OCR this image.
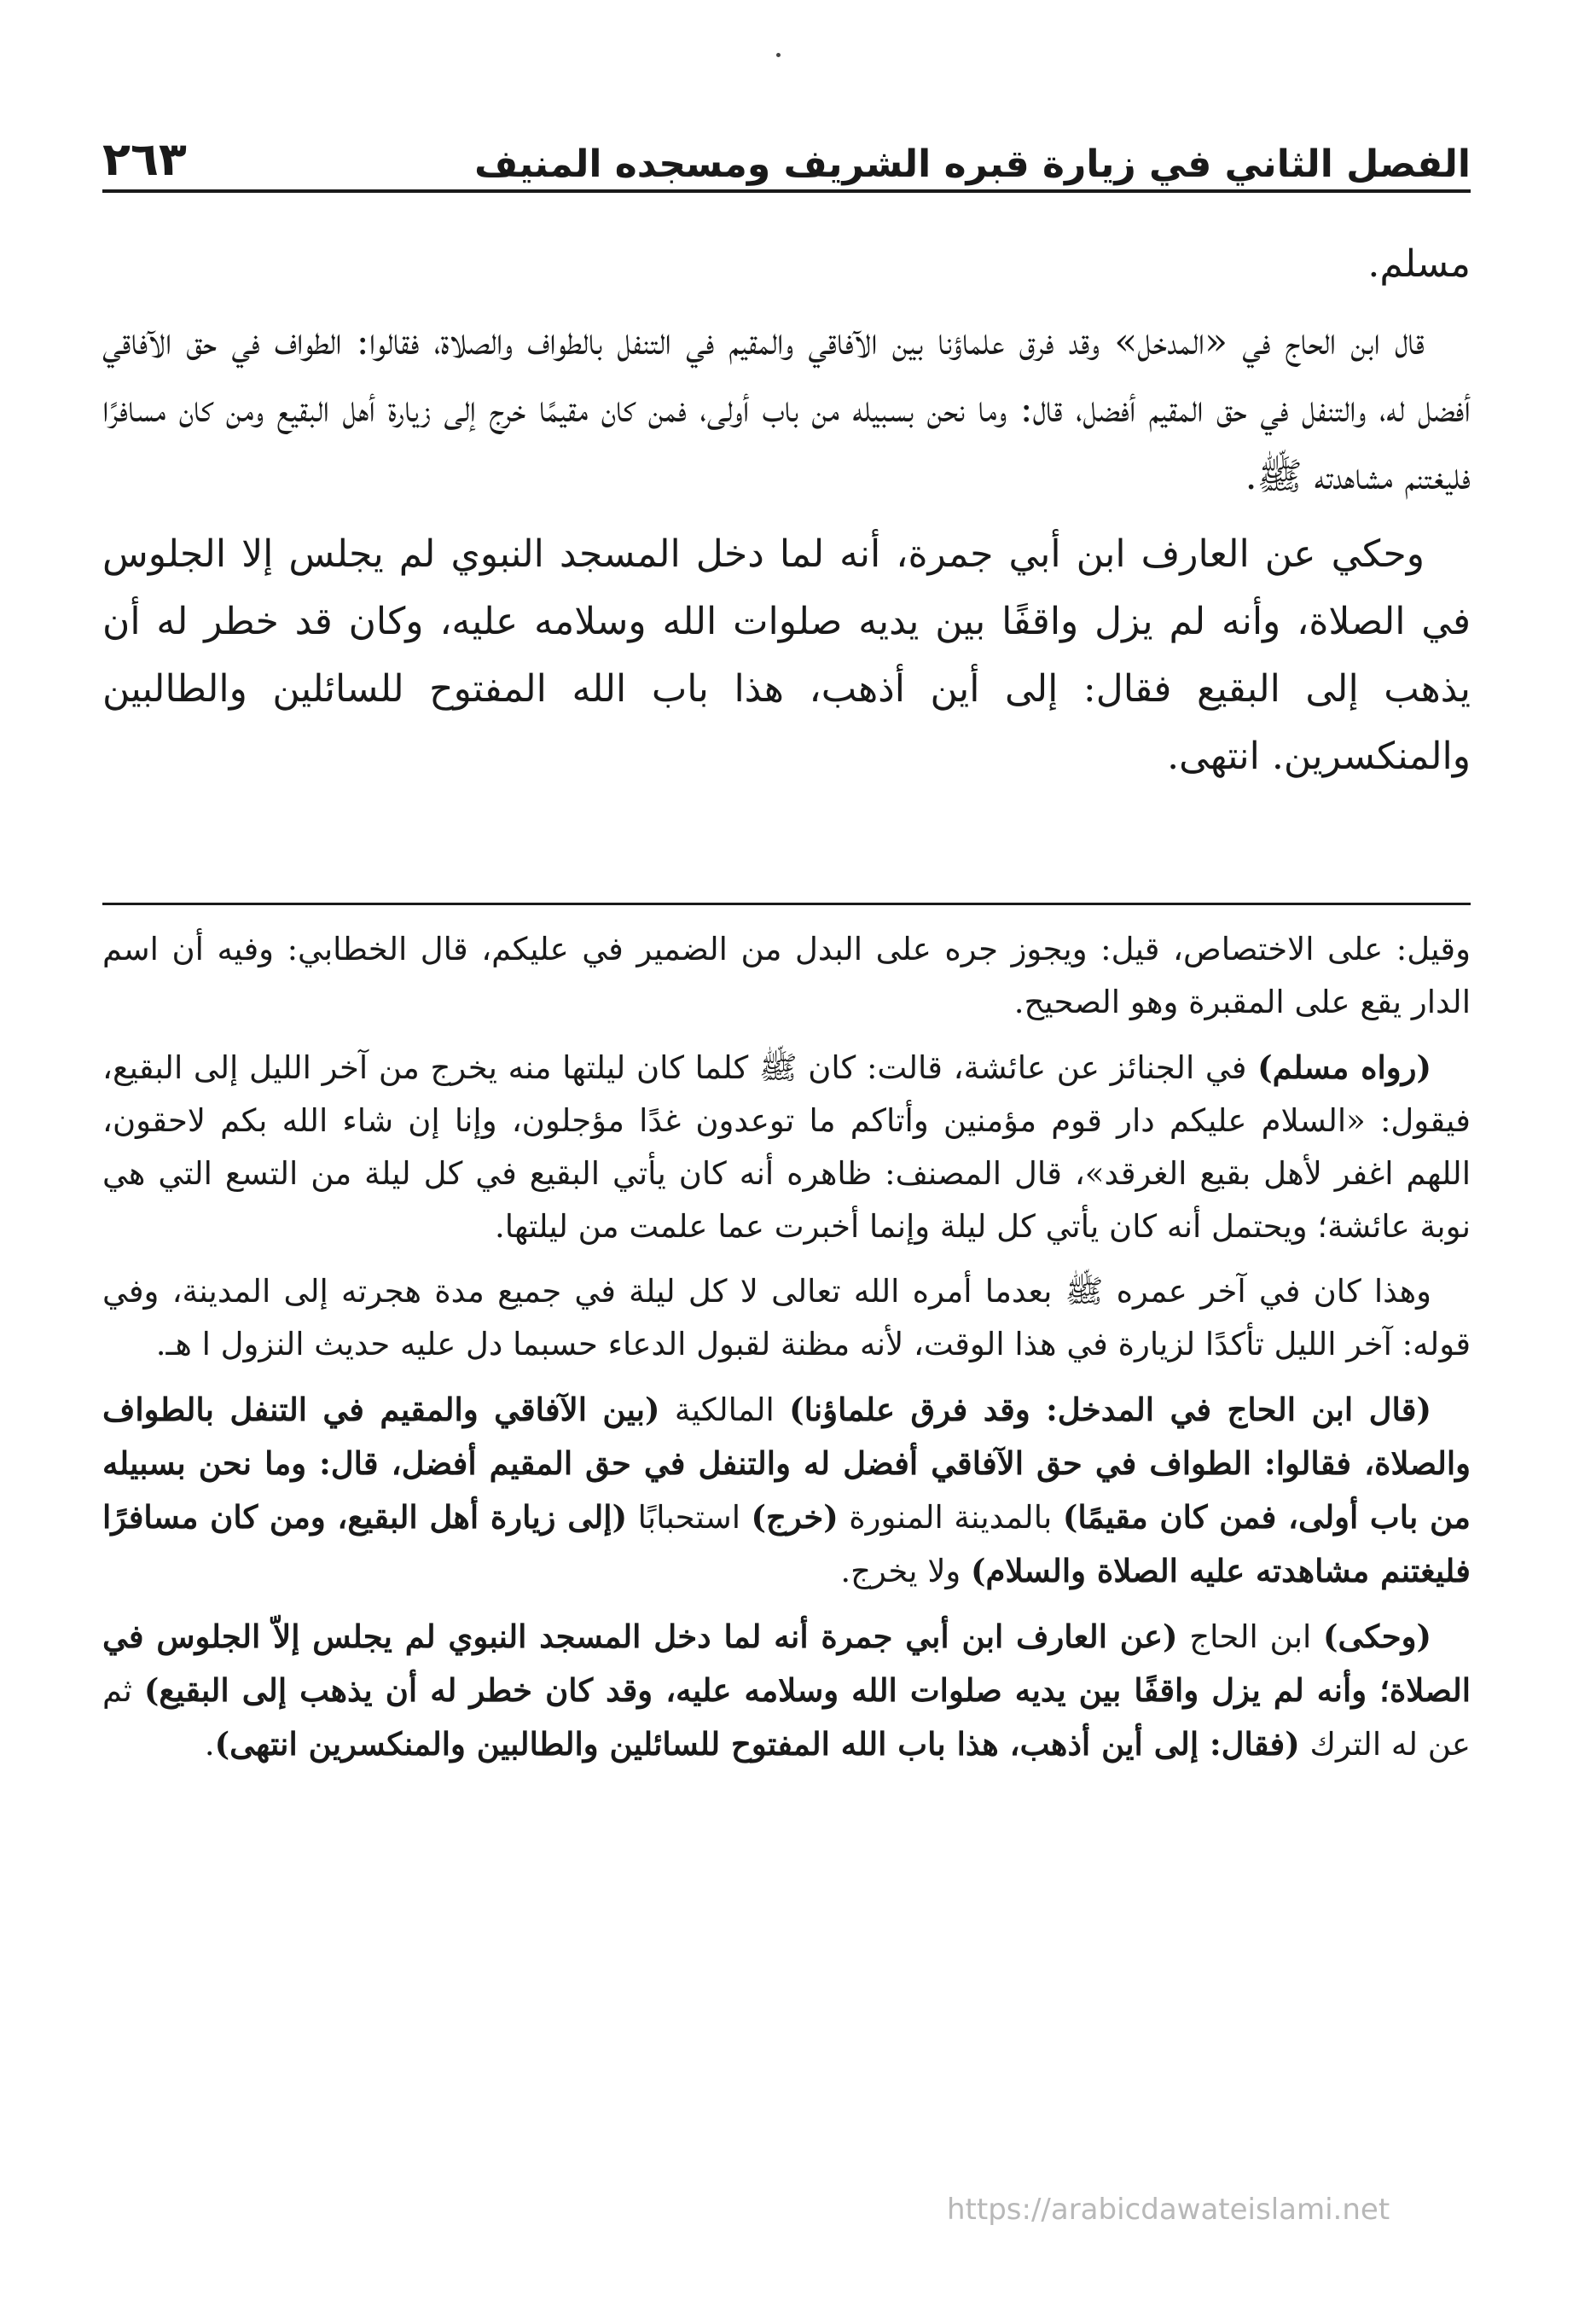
الفصل الثاني في زيارة قبره الشريف ومسجده المنيف
٢٦٣

مسلم.

قال ابن الحاج في «المدخل» وقد فرق علماؤنا بين الآفاقي والمقيم في التنفل بالطواف والصلاة، فقالوا: الطواف في حق الآفاقي أفضل له، والتنفل في حق المقيم أفضل، قال: وما نحن بسبيله من باب أولى، فمن كان مقيمًا خرج إلى زيارة أهل البقيع ومن كان مسافرًا فليغتنم مشاهدته ﷺ.

وحكي عن العارف ابن أبي جمرة، أنه لما دخل المسجد النبوي لم يجلس إلا الجلوس في الصلاة، وأنه لم يزل واقفًا بين يديه صلوات الله وسلامه عليه، وكان قد خطر له أن يذهب إلى البقيع فقال: إلى أين أذهب، هذا باب الله المفتوح للسائلين والطالبين والمنكسرين. انتهى.

وقيل: على الاختصاص، قيل: ويجوز جره على البدل من الضمير في عليكم، قال الخطابي: وفيه أن اسم الدار يقع على المقبرة وهو الصحيح.

(رواه مسلم) في الجنائز عن عائشة، قالت: كان ﷺ كلما كان ليلتها منه يخرج من آخر الليل إلى البقيع، فيقول: «السلام عليكم دار قوم مؤمنين وأتاكم ما توعدون غدًا مؤجلون، وإنا إن شاء الله بكم لاحقون، اللهم اغفر لأهل بقيع الغرقد»، قال المصنف: ظاهره أنه كان يأتي البقيع في كل ليلة من التسع التي هي نوبة عائشة؛ ويحتمل أنه كان يأتي كل ليلة وإنما أخبرت عما علمت من ليلتها.

وهذا كان في آخر عمره ﷺ بعدما أمره الله تعالى لا كل ليلة في جميع مدة هجرته إلى المدينة، وفي قوله: آخر الليل تأكدًا لزيارة في هذا الوقت، لأنه مظنة لقبول الدعاء حسبما دل عليه حديث النزول ا هـ.

(قال ابن الحاج في المدخل: وقد فرق علماؤنا) المالكية (بين الآفاقي والمقيم في التنفل بالطواف والصلاة، فقالوا: الطواف في حق الآفاقي أفضل له والتنفل في حق المقيم أفضل، قال: وما نحن بسبيله من باب أولى، فمن كان مقيمًا) بالمدينة المنورة (خرج) استحبابًا (إلى زيارة أهل البقيع، ومن كان مسافرًا فليغتنم مشاهدته عليه الصلاة والسلام) ولا يخرج.

(وحكى) ابن الحاج (عن العارف ابن أبي جمرة أنه لما دخل المسجد النبوي لم يجلس إلاّ الجلوس في الصلاة؛ وأنه لم يزل واقفًا بين يديه صلوات الله وسلامه عليه، وقد كان خطر له أن يذهب إلى البقيع) ثم عن له الترك (فقال: إلى أين أذهب، هذا باب الله المفتوح للسائلين والطالبين والمنكسرين انتهى).

https://arabicdawateislami.net
